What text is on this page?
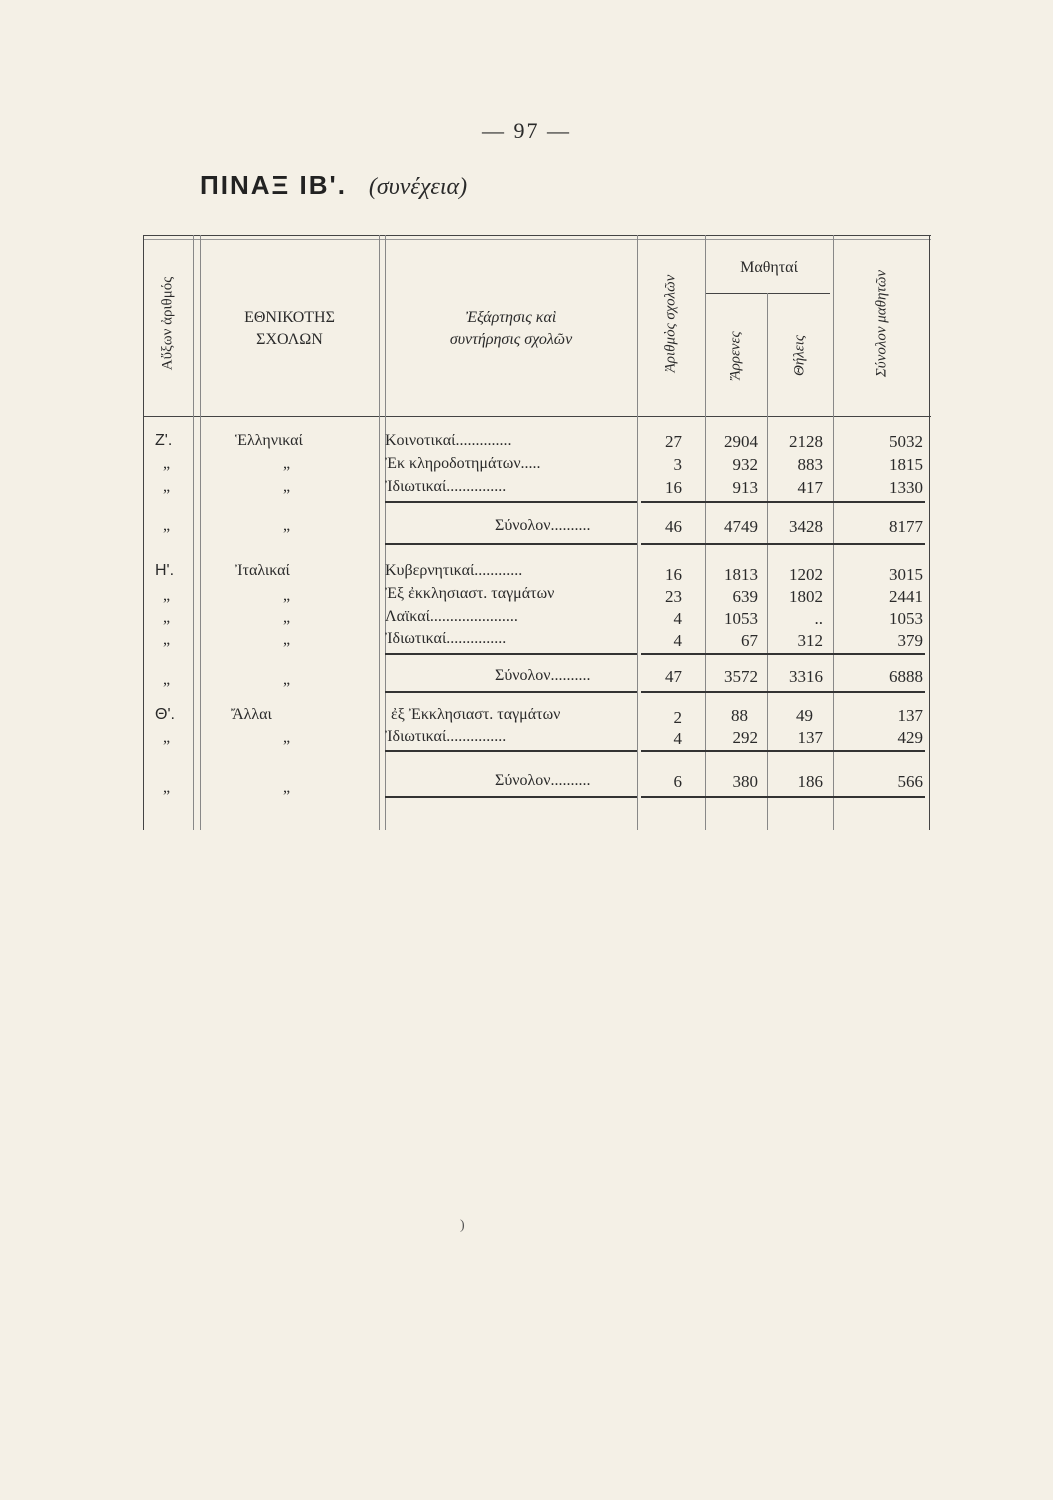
— 97 —
ΠΙΝΑΞ ΙΒ'. (συνέχεια)
Αὔξων ἀριθμός	ΕΘΝΙΚΟΤΗΣ
ΣΧΟΛΩΝ
Ἐξάρτησις καὶ
συντήρησις σχολῶν	Ἀριθμὸς σχολῶν
Μαθηταί
Ἄρρενες	Θήλεις	Σύνολον μαθητῶν
Ζ'.	Ἑλληνικαί	Κοινοτικαί..............	27 2904 2128	5032
„	„	Ἐκ κληροδοτημάτων.....	3	932 883	1815
„	„	Ἰδιωτικαί...............	16	913 417	1330
„	„	Σύνολον..........	46 4749 3428	8177
Η'.	Ἰταλικαί	Κυβερνητικαί............	16 1813 1202	3015
„	„	Ἐξ ἐκκλησιαστ. ταγμάτων	23	639 1802	2441
„	„	Λαϊκαί......................	4 1053	..	1053
„	„	Ἰδιωτικαί...............	4	67 312	379
„	„	Σύνολον..........	47 3572 3316	6888
Θ'.	Ἄλλαι	ἐξ Ἐκκλησιαστ. ταγμάτων	2	88	49	137
„	„	Ἰδιωτικαί...............	4	292 137	429
„	„	Σύνολον..........	6	380 186	566
)
